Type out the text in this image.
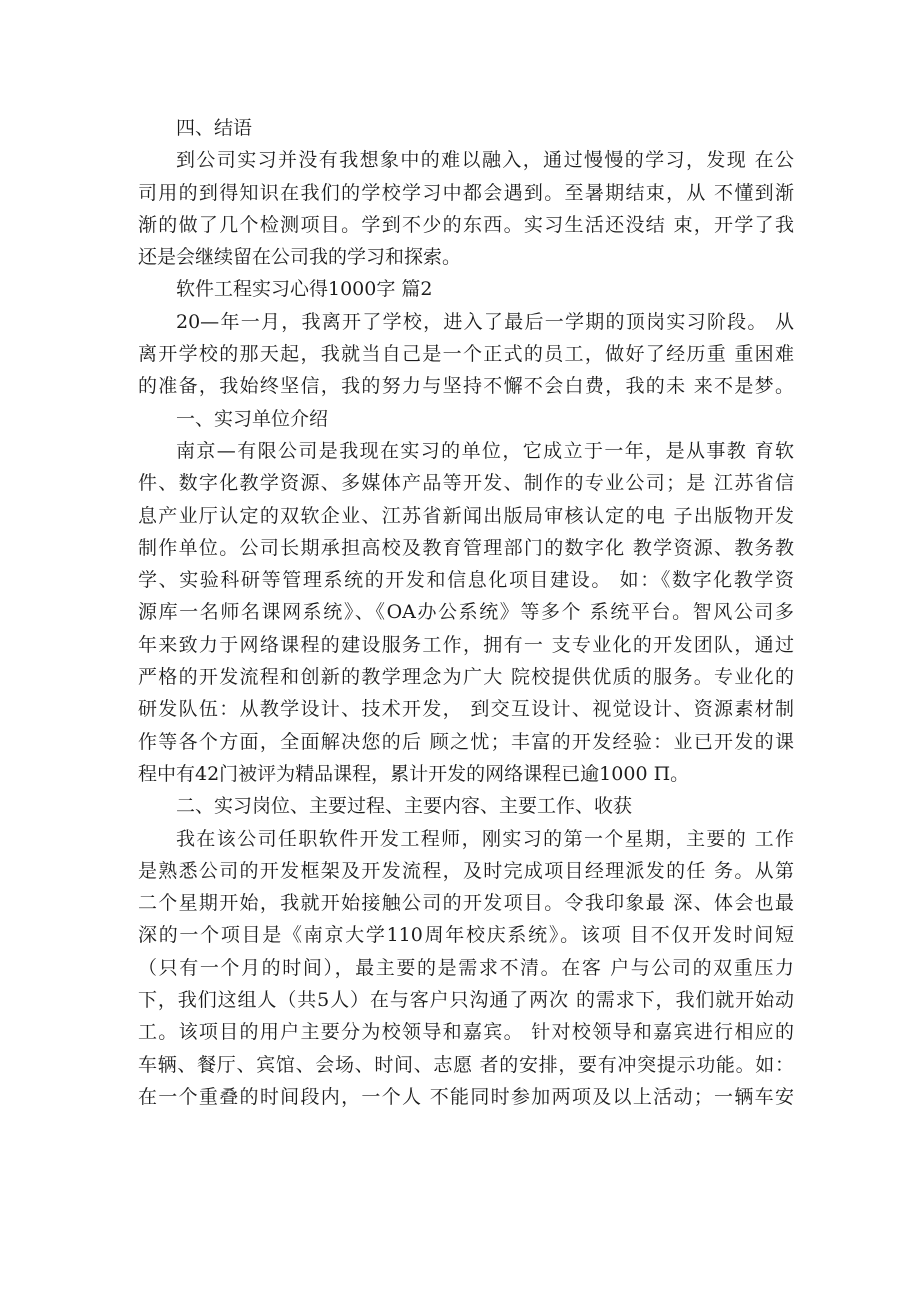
四、结语
到公司实习并没有我想象中的难以融入，通过慢慢的学习，发现 在公
司用的到得知识在我们的学校学习中都会遇到。至暑期结束，从 不懂到渐
渐的做了几个检测项目。学到不少的东西。实习生活还没结 束，开学了我
还是会继续留在公司我的学习和探索。
软件工程实习心得1000字 篇2
20—年一月，我离开了学校，进入了最后一学期的顶岗实习阶段。 从
离开学校的那天起，我就当自己是一个正式的员工，做好了经历重 重困难
的准备，我始终坚信，我的努力与坚持不懈不会白费，我的未 来不是梦。
一、实习单位介绍
南京—有限公司是我现在实习的单位，它成立于一年，是从事教 育软
件、数字化教学资源、多媒体产品等开发、制作的专业公司；是 江苏省信
息产业厅认定的双软企业、江苏省新闻出版局审核认定的电 子出版物开发
制作单位。公司长期承担高校及教育管理部门的数字化 教学资源、教务教
学、实验科研等管理系统的开发和信息化项目建设。 如：《数字化教学资
源库一名师名课网系统》、《OA办公系统》等多个 系统平台。智风公司多
年来致力于网络课程的建设服务工作，拥有一 支专业化的开发团队，通过
严格的开发流程和创新的教学理念为广大 院校提供优质的服务。专业化的
研发队伍：从教学设计、技术开发， 到交互设计、视觉设计、资源素材制
作等各个方面，全面解决您的后 顾之忧；丰富的开发经验：业已开发的课
程中有42门被评为精品课程，累计开发的网络课程已逾1000 Π。
二、实习岗位、主要过程、主要内容、主要工作、收获
我在该公司任职软件开发工程师，刚实习的第一个星期，主要的 工作
是熟悉公司的开发框架及开发流程，及时完成项目经理派发的任 务。从第
二个星期开始，我就开始接触公司的开发项目。令我印象最 深、体会也最
深的一个项目是《南京大学110周年校庆系统》。该项 目不仅开发时间短
（只有一个月的时间），最主要的是需求不清。在客 户与公司的双重压力
下，我们这组人（共5人）在与客户只沟通了两次 的需求下，我们就开始动
工。该项目的用户主要分为校领导和嘉宾。 针对校领导和嘉宾进行相应的
车辆、餐厅、宾馆、会场、时间、志愿 者的安排，要有冲突提示功能。如：
在一个重叠的时间段内，一个人 不能同时参加两项及以上活动；一辆车安
